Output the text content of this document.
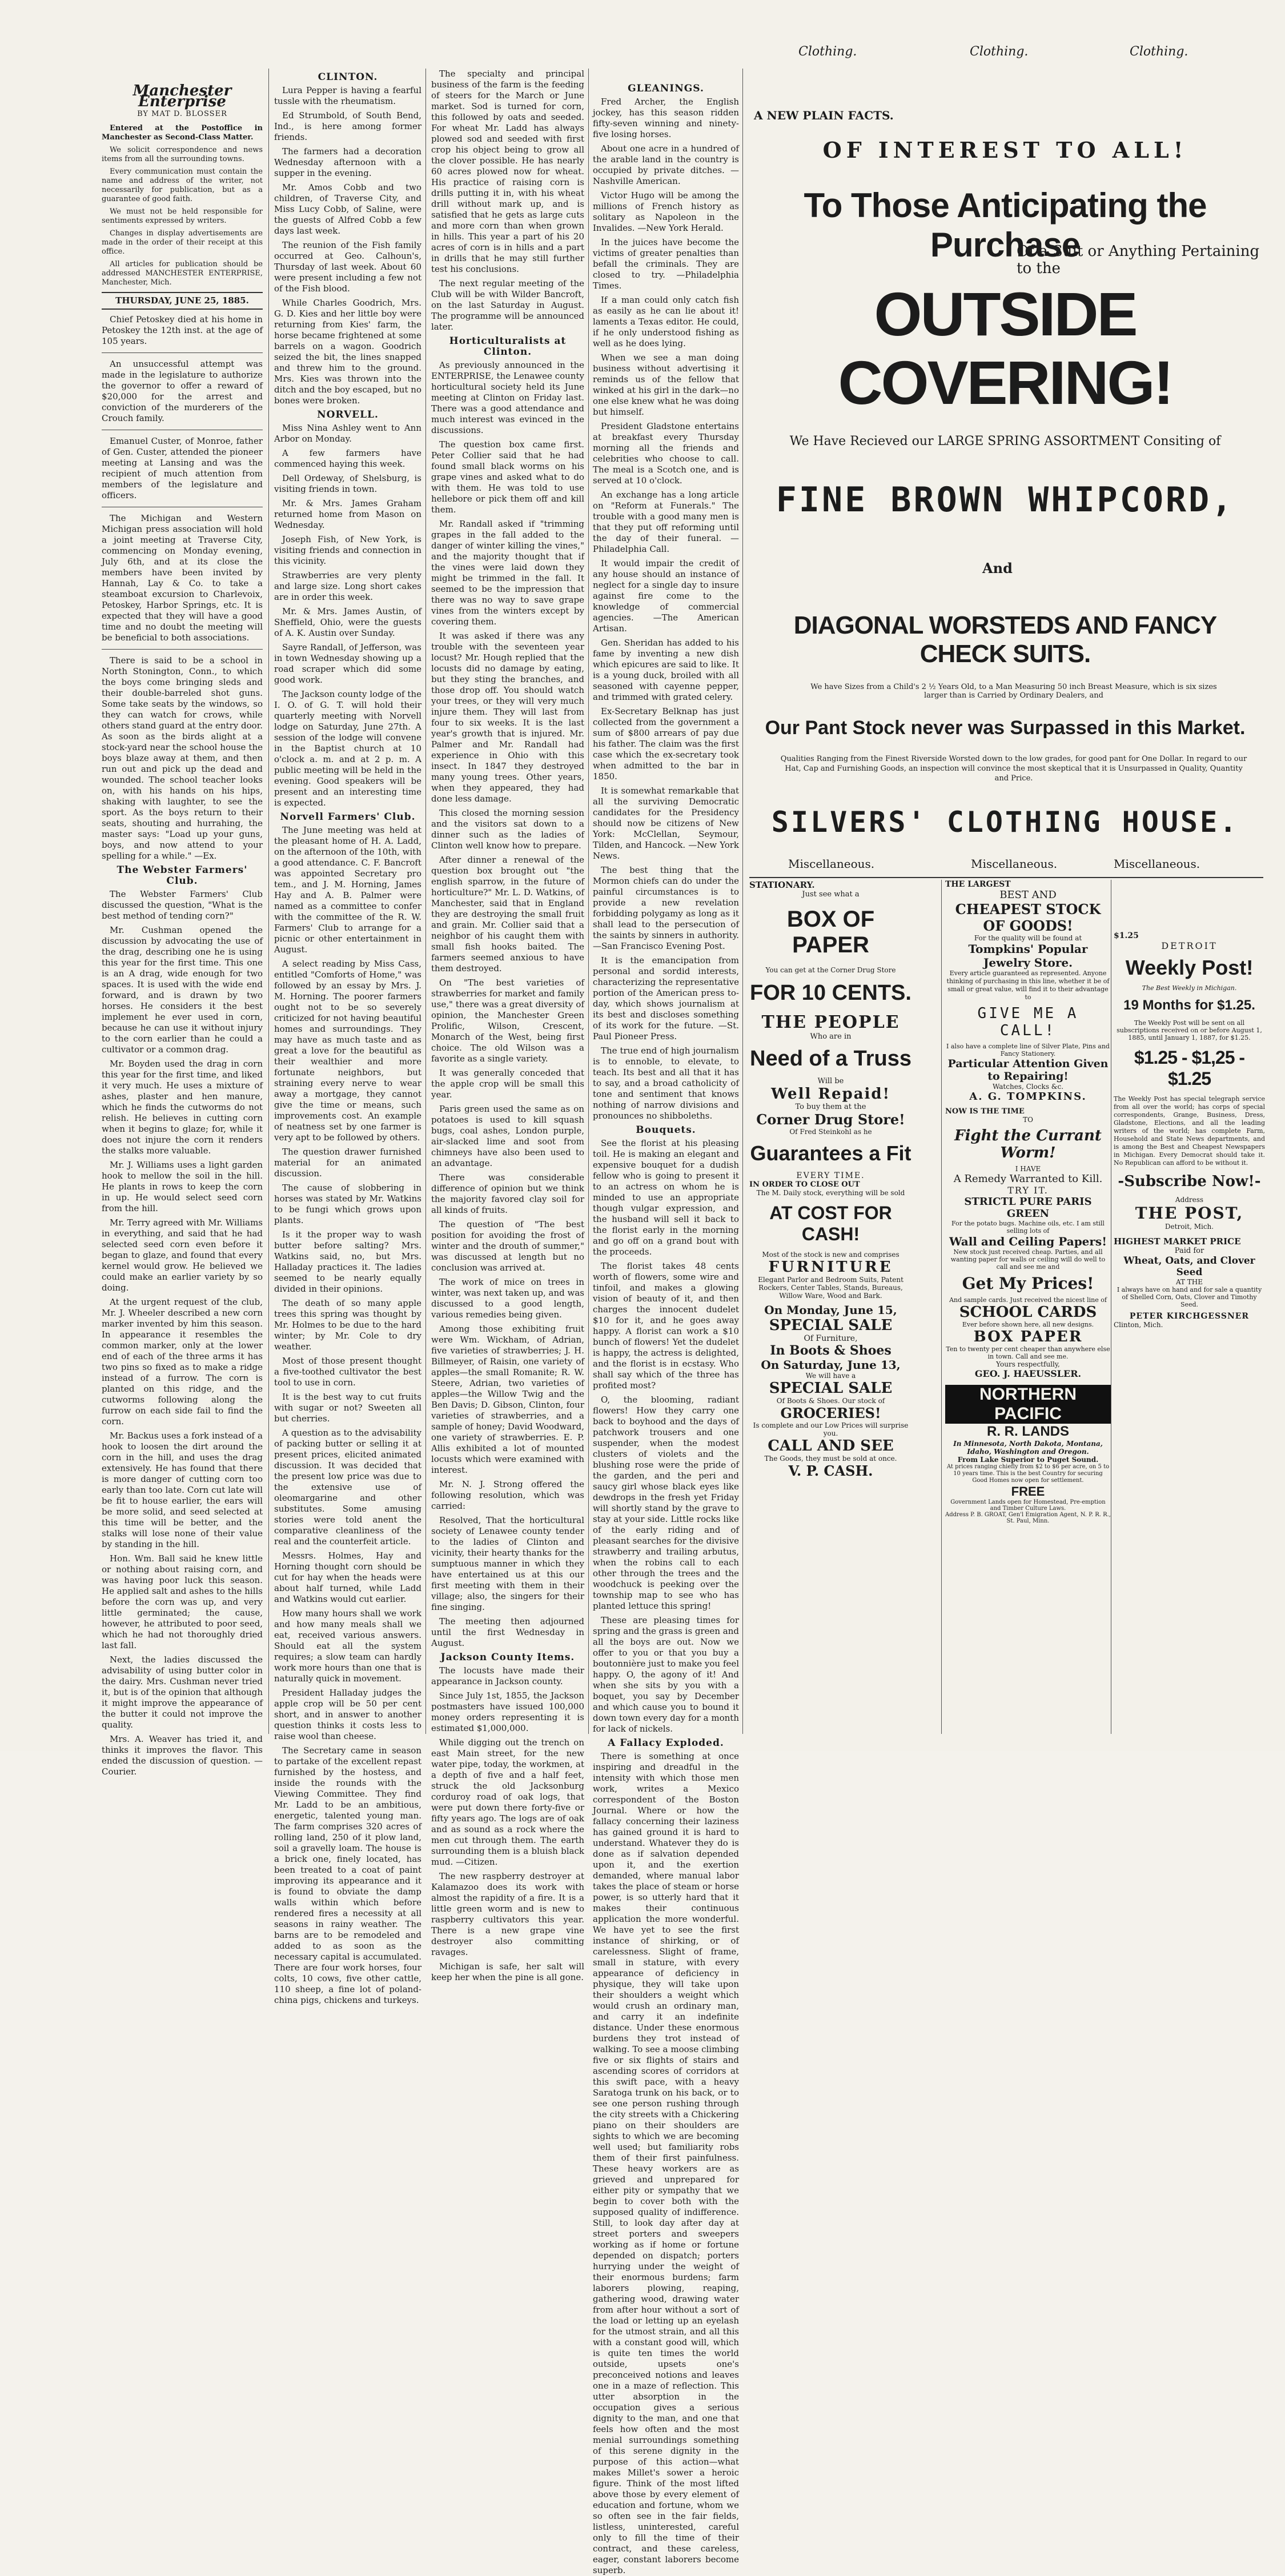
Clothing.	Clothing.	Clothing.
Manchester Enterprise
BY MAT D. BLOSSER

Entered at the Postoffice in Manchester as Second-Class Matter.

We solicit correspondence and news items from all the surrounding towns.

Every communication must contain the name and address of the writer, not necessarily for publication, but as a guarantee of good faith.

We must not be held responsible for sentiments expressed by writers.

Changes in display advertisements are made in the order of their receipt at this office.

All articles for publication should be addressed MANCHESTER ENTERPRISE, Manchester, Mich.

THURSDAY, JUNE 25, 1885.

Chief Petoskey died at his home in Petoskey the 12th inst. at the age of 105 years.

An unsuccessful attempt was made in the legislature to authorize the governor to offer a reward of $20,000 for the arrest and conviction of the murderers of the Crouch family.

Emanuel Custer, of Monroe, father of Gen. Custer, attended the pioneer meeting at Lansing and was the recipient of much attention from members of the legislature and officers.

The Michigan and Western Michigan press association will hold a joint meeting at Traverse City, commencing on Monday evening, July 6th, and at its close the members have been invited by Hannah, Lay & Co. to take a steamboat excursion to Charlevoix, Petoskey, Harbor Springs, etc. It is expected that they will have a good time and no doubt the meeting will be beneficial to both associations.

There is said to be a school in North Stonington, Conn., to which the boys come bringing sleds and their double-barreled shot guns. Some take seats by the windows, so they can watch for crows, while others stand guard at the entry door. As soon as the birds alight at a stock-yard near the school house the boys blaze away at them, and then run out and pick up the dead and wounded. The school teacher looks on, with his hands on his hips, shaking with laughter, to see the sport. As the boys return to their seats, shouting and hurrahing, the master says: "Load up your guns, boys, and now attend to your spelling for a while." —Ex.

The Webster Farmers' Club.

The Webster Farmers' Club discussed the question, "What is the best method of tending corn?"

Mr. Cushman opened the discussion by advocating the use of the drag, describing one he is using this year for the first time. This one is an A drag, wide enough for two spaces. It is used with the wide end forward, and is drawn by two horses. He considers it the best implement he ever used in corn, because he can use it without injury to the corn earlier than he could a cultivator or a common drag.

Mr. Boyden used the drag in corn this year for the first time, and liked it very much. He uses a mixture of ashes, plaster and hen manure, which he finds the cutworms do not relish. He believes in cutting corn when it begins to glaze; for, while it does not injure the corn it renders the stalks more valuable.

Mr. J. Williams uses a light garden hook to mellow the soil in the hill. He plants in rows to keep the corn in up. He would select seed corn from the hill.

Mr. Terry agreed with Mr. Williams in everything, and said that he had selected seed corn even before it began to glaze, and found that every kernel would grow. He believed we could make an earlier variety by so doing.

At the urgent request of the club, Mr. J. Wheeler described a new corn marker invented by him this season. In appearance it resembles the common marker, only at the lower end of each of the three arms it has two pins so fixed as to make a ridge instead of a furrow. The corn is planted on this ridge, and the cutworms following along the furrow on each side fail to find the corn.

Mr. Backus uses a fork instead of a hook to loosen the dirt around the corn in the hill, and uses the drag extensively. He has found that there is more danger of cutting corn too early than too late. Corn cut late will be fit to house earlier, the ears will be more solid, and seed selected at this time will be better, and the stalks will lose none of their value by standing in the hill.

Hon. Wm. Ball said he knew little or nothing about raising corn, and was having poor luck this season. He applied salt and ashes to the hills before the corn was up, and very little germinated; the cause, however, he attributed to poor seed, which he had not thoroughly dried last fall.

Next, the ladies discussed the advisability of using butter color in the dairy. Mrs. Cushman never tried it, but is of the opinion that although it might improve the appearance of the butter it could not improve the quality.

Mrs. A. Weaver has tried it, and thinks it improves the flavor. This ended the discussion of question. —Courier.

CLINTON.

Lura Pepper is having a fearful tussle with the rheumatism.

Ed Strumbold, of South Bend, Ind., is here among former friends.

The farmers had a decoration Wednesday afternoon with a supper in the evening.

Mr. Amos Cobb and two children, of Traverse City, and Miss Lucy Cobb, of Saline, were the guests of Alfred Cobb a few days last week.

The reunion of the Fish family occurred at Geo. Calhoun's, Thursday of last week. About 60 were present including a few not of the Fish blood.

While Charles Goodrich, Mrs. G. D. Kies and her little boy were returning from Kies' farm, the horse became frightened at some barrels on a wagon. Goodrich seized the bit, the lines snapped and threw him to the ground. Mrs. Kies was thrown into the ditch and the boy escaped, but no bones were broken.

NORVELL.

Miss Nina Ashley went to Ann Arbor on Monday.

A few farmers have commenced haying this week.

Dell Ordeway, of Shelsburg, is visiting friends in town.

Mr. & Mrs. James Graham returned home from Mason on Wednesday.

Joseph Fish, of New York, is visiting friends and connection in this vicinity.

Strawberries are very plenty and large size. Long short cakes are in order this week.

Mr. & Mrs. James Austin, of Sheffield, Ohio, were the guests of A. K. Austin over Sunday.

Sayre Randall, of Jefferson, was in town Wednesday showing up a road scraper which did some good work.

The Jackson county lodge of the I. O. of G. T. will hold their quarterly meeting with Norvell lodge on Saturday, June 27th. A session of the lodge will convene in the Baptist church at 10 o'clock a. m. and at 2 p. m. A public meeting will be held in the evening. Good speakers will be present and an interesting time is expected.

Norvell Farmers' Club.

The June meeting was held at the pleasant home of H. A. Ladd, on the afternoon of the 10th, with a good attendance. C. F. Bancroft was appointed Secretary pro tem., and J. M. Horning, James Hay and A. B. Palmer were named as a committee to confer with the committee of the R. W. Farmers' Club to arrange for a picnic or other entertainment in August.

A select reading by Miss Cass, entitled "Comforts of Home," was followed by an essay by Mrs. J. M. Horning. The poorer farmers ought not to be so severely criticized for not having beautiful homes and surroundings. They may have as much taste and as great a love for the beautiful as their wealthier and more fortunate neighbors, but straining every nerve to wear away a mortgage, they cannot give the time or means, such improvements cost. An example of neatness set by one farmer is very apt to be followed by others.

The question drawer furnished material for an animated discussion.

The cause of slobbering in horses was stated by Mr. Watkins to be fungi which grows upon plants.

Is it the proper way to wash butter before salting? Mrs. Watkins said, no, but Mrs. Halladay practices it. The ladies seemed to be nearly equally divided in their opinions.

The death of so many apple trees this spring was thought by Mr. Holmes to be due to the hard winter; by Mr. Cole to dry weather.

Most of those present thought a five-toothed cultivator the best tool to use in corn.

It is the best way to cut fruits with sugar or not? Sweeten all but cherries.

A question as to the advisability of packing butter or selling it at present prices, elicited animated discussion. It was decided that the present low price was due to the extensive use of oleomargarine and other substitutes. Some amusing stories were told anent the comparative cleanliness of the real and the counterfeit article.

Messrs. Holmes, Hay and Horning thought corn should be cut for hay when the heads were about half turned, while Ladd and Watkins would cut earlier.

How many hours shall we work and how many meals shall we eat, received various answers. Should eat all the system requires; a slow team can hardly work more hours than one that is naturally quick in movement.

President Halladay judges the apple crop will be 50 per cent short, and in answer to another question thinks it costs less to raise wool than cheese.

The Secretary came in season to partake of the excellent repast furnished by the hostess, and inside the rounds with the Viewing Committee. They find Mr. Ladd to be an ambitious, energetic, talented young man. The farm comprises 320 acres of rolling land, 250 of it plow land, soil a gravelly loam. The house is a brick one, finely located, has been treated to a coat of paint improving its appearance and it is found to obviate the damp walls within which before rendered fires a necessity at all seasons in rainy weather. The barns are to be remodeled and added to as soon as the necessary capital is accumulated. There are four work horses, four colts, 10 cows, five other cattle, 110 sheep, a fine lot of poland-china pigs, chickens and turkeys.

The specialty and principal business of the farm is the feeding of steers for the March or June market. Sod is turned for corn, this followed by oats and seeded. For wheat Mr. Ladd has always plowed sod and seeded with first crop his object being to grow all the clover possible. He has nearly 60 acres plowed now for wheat. His practice of raising corn is drills putting it in, with his wheat drill without mark up, and is satisfied that he gets as large cuts and more corn than when grown in hills. This year a part of his 20 acres of corn is in hills and a part in drills that he may still further test his conclusions.

The next regular meeting of the Club will be with Wilder Bancroft, on the last Saturday in August. The programme will be announced later.

Horticulturalists at Clinton.

As previously announced in the ENTERPRISE, the Lenawee county horticultural society held its June meeting at Clinton on Friday last. There was a good attendance and much interest was evinced in the discussions.

The question box came first. Peter Collier said that he had found small black worms on his grape vines and asked what to do with them. He was told to use hellebore or pick them off and kill them.

Mr. Randall asked if "trimming grapes in the fall added to the danger of winter killing the vines," and the majority thought that if the vines were laid down they might be trimmed in the fall. It seemed to be the impression that there was no way to save grape vines from the winters except by covering them.

It was asked if there was any trouble with the seventeen year locust? Mr. Hough replied that the locusts did no damage by eating, but they sting the branches, and those drop off. You should watch your trees, or they will very much injure them. They will last from four to six weeks. It is the last year's growth that is injured. Mr. Palmer and Mr. Randall had experience in Ohio with this insect. In 1847 they destroyed many young trees. Other years, when they appeared, they had done less damage.

This closed the morning session and the visitors sat down to a dinner such as the ladies of Clinton well know how to prepare.

After dinner a renewal of the question box brought out "the english sparrow, in the future of horticulture?" Mr. L. D. Watkins, of Manchester, said that in England they are destroying the small fruit and grain. Mr. Collier said that a neighbor of his caught them with small fish hooks baited. The farmers seemed anxious to have them destroyed.

On "The best varieties of strawberries for market and family use," there was a great diversity of opinion, the Manchester Green Prolific, Wilson, Crescent, Monarch of the West, being first choice. The old Wilson was a favorite as a single variety.

It was generally conceded that the apple crop will be small this year.

Paris green used the same as on potatoes is used to kill squash bugs, coal ashes, London purple, air-slacked lime and soot from chimneys have also been used to an advantage.

There was considerable difference of opinion but we think the majority favored clay soil for all kinds of fruits.

The question of "The best position for avoiding the frost of winter and the drouth of summer," was discussed at length but no conclusion was arrived at.

The work of mice on trees in winter, was next taken up, and was discussed to a good length, various remedies being given.

Among those exhibiting fruit were Wm. Wickham, of Adrian, five varieties of strawberries; J. H. Billmeyer, of Raisin, one variety of apples—the small Romanite; R. W. Steere, Adrian, two varieties of apples—the Willow Twig and the Ben Davis; D. Gibson, Clinton, four varieties of strawberries, and a sample of honey; David Woodward, one variety of strawberries. E. P. Allis exhibited a lot of mounted locusts which were examined with interest.

Mr. N. J. Strong offered the following resolution, which was carried:

Resolved, That the horticultural society of Lenawee county tender to the ladies of Clinton and vicinity, their hearty thanks for the sumptuous manner in which they have entertained us at this our first meeting with them in their village; also, the singers for their fine singing.

The meeting then adjourned until the first Wednesday in August.

Jackson County Items.

The locusts have made their appearance in Jackson county.

Since July 1st, 1855, the Jackson postmasters have issued 100,000 money orders representing it is estimated $1,000,000.

While digging out the trench on east Main street, for the new water pipe, today, the workmen, at a depth of five and a half feet, struck the old Jacksonburg corduroy road of oak logs, that were put down there forty-five or fifty years ago. The logs are of oak and as sound as a rock where the men cut through them. The earth surrounding them is a bluish black mud. —Citizen.

The new raspberry destroyer at Kalamazoo does its work with almost the rapidity of a fire. It is a little green worm and is new to raspberry cultivators this year. There is a new grape vine destroyer also committing ravages.

Michigan is safe, her salt will keep her when the pine is all gone.

GLEANINGS.

Fred Archer, the English jockey, has this season ridden fifty-seven winning and ninety-five losing horses.

About one acre in a hundred of the arable land in the country is occupied by private ditches. —Nashville American.

Victor Hugo will be among the millions of French history as solitary as Napoleon in the Invalides. —New York Herald.

In the juices have become the victims of greater penalties than befall the criminals. They are closed to try. —Philadelphia Times.

If a man could only catch fish as easily as he can lie about it! laments a Texas editor. He could, if he only understood fishing as well as he does lying.

When we see a man doing business without advertising it reminds us of the fellow that winked at his girl in the dark—no one else knew what he was doing but himself.

President Gladstone entertains at breakfast every Thursday morning all the friends and celebrities who choose to call. The meal is a Scotch one, and is served at 10 o'clock.

An exchange has a long article on "Reform at Funerals." The trouble with a good many men is that they put off reforming until the day of their funeral. —Philadelphia Call.

It would impair the credit of any house should an instance of neglect for a single day to insure against fire come to the knowledge of commercial agencies. —The American Artisan.

Gen. Sheridan has added to his fame by inventing a new dish which epicures are said to like. It is a young duck, broiled with all seasoned with cayenne pepper, and trimmed with grated celery.

Ex-Secretary Belknap has just collected from the government a sum of $800 arrears of pay due his father. The claim was the first case which the ex-secretary took when admitted to the bar in 1850.

It is somewhat remarkable that all the surviving Democratic candidates for the Presidency should now be citizens of New York: McClellan, Seymour, Tilden, and Hancock. —New York News.

The best thing that the Mormon chiefs can do under the painful circumstances is to provide a new revelation forbidding polygamy as long as it shall lead to the persecution of the saints by sinners in authority. —San Francisco Evening Post.

It is the emancipation from personal and sordid interests, characterizing the representative portion of the American press to-day, which shows journalism at its best and discloses something of its work for the future. —St. Paul Pioneer Press.

The true end of high journalism is to ennoble, to elevate, to teach. Its best and all that it has to say, and a broad catholicity of tone and sentiment that knows nothing of narrow divisions and pronounces no shibboleths.

Bouquets.

See the florist at his pleasing toil. He is making an elegant and expensive bouquet for a dudish fellow who is going to present it to an actress on whom he is minded to use an appropriate though vulgar expression, and the husband will sell it back to the florist early in the morning and go off on a grand bout with the proceeds.

The florist takes 48 cents worth of flowers, some wire and tinfoil, and makes a glowing vision of beauty of it, and then charges the innocent dudelet $10 for it, and he goes away happy. A florist can work a $10 bunch of flowers! Yet the dudelet is happy, the actress is delighted, and the florist is in ecstasy. Who shall say which of the three has profited most?

O, the blooming, radiant flowers! How they carry one back to boyhood and the days of patchwork trousers and one suspender, when the modest clusters of violets and the blushing rose were the pride of the garden, and the peri and saucy girl whose black eyes like dewdrops in the fresh yet Friday will shortly stand by the grave to stay at your side. Little rocks like of the early riding and of pleasant searches for the divisive strawberry and trailing arbutus, when the robins call to each other through the trees and the woodchuck is peeking over the township map to see who has planted lettuce this spring!

These are pleasing times for spring and the grass is green and all the boys are out. Now we offer to you or that you buy a boutonnière just to make you feel happy. O, the agony of it! And when she sits by you with a boquet, you say by December and which cause you to bound it down town every day for a month for lack of nickels.

A Fallacy Exploded.

There is something at once inspiring and dreadful in the intensity with which those men work, writes a Mexico correspondent of the Boston Journal. Where or how the fallacy concerning their laziness has gained ground it is hard to understand. Whatever they do is done as if salvation depended upon it, and the exertion demanded, where manual labor takes the place of steam or horse power, is so utterly hard that it makes their continuous application the more wonderful. We have yet to see the first instance of shirking, or of carelessness. Slight of frame, small in stature, with every appearance of deficiency in physique, they will take upon their shoulders a weight which would crush an ordinary man, and carry it an indefinite distance. Under these enormous burdens they trot instead of walking. To see a moose climbing five or six flights of stairs and ascending scores of corridors at this swift pace, with a heavy Saratoga trunk on his back, or to see one person rushing through the city streets with a Chickering piano on their shoulders are sights to which we are becoming well used; but familiarity robs them of their first painfulness. These heavy workers are as grieved and unprepared for either pity or sympathy that we begin to cover both with the supposed quality of indifference. Still, to look day after day at street porters and sweepers working as if home or fortune depended on dispatch; porters hurrying under the weight of their enormous burdens; farm laborers plowing, reaping, gathering wood, drawing water from after hour without a sort of the load or letting up an eyelash for the utmost strain, and all this with a constant good will, which is quite ten times the world outside, upsets one's preconceived notions and leaves one in a maze of reflection. This utter absorption in the occupation gives a serious dignity to the man, and one that feels how often and the most menial surroundings something of this serene dignity in the purpose of this action—what makes Millet's sower a heroic figure. Think of the most lifted above those by every element of education and fortune, whom we so often see in the fair fields, listless, uninterested, careful only to fill the time of their contract, and these careless, eager, constant laborers become superb.

A NEW PLAIN FACTS.
OF INTEREST TO ALL!
To Those Anticipating the Purchase
Of a Suit or Anything Pertaining to the
OUTSIDE COVERING!
We Have Recieved our LARGE SPRING ASSORTMENT Consiting of
FINE BROWN WHIPCORD,
And
DIAGONAL WORSTEDS AND FANCY CHECK SUITS.
We have Sizes from a Child's 2 ½ Years Old, to a Man Measuring 50 inch Breast Measure, which is six sizes larger than is Carried by Ordinary Dealers, and
Our Pant Stock never was Surpassed in this Market.
Qualities Ranging from the Finest Riverside Worsted down to the low grades, for good pant for One Dollar. In regard to our Hat, Cap and Furnishing Goods, an inspection will convince the most skeptical that it is Unsurpassed in Quality, Quantity and Price.
SILVERS' CLOTHING HOUSE.
Miscellaneous.	Miscellaneous.	Miscellaneous.
STATIONARY.
Just see what a
BOX OF PAPER
You can get at the Corner Drug Store
FOR 10 CENTS.
THE PEOPLE
Who are in
Need of a Truss
Will be
Well Repaid!
To buy them at the
Corner Drug Store!
Of Fred Steinkohl as he
Guarantees a Fit
EVERY TIME.
IN ORDER TO CLOSE OUT
The M. Daily stock, everything will be sold
AT COST FOR CASH!
Most of the stock is new and comprises
FURNITURE
Elegant Parlor and Bedroom Suits, Patent Rockers, Center Tables, Stands, Bureaus, Willow Ware, Wood and Bark.
On Monday, June 15,
SPECIAL SALE
Of Furniture,
In Boots & Shoes
On Saturday, June 13,
We will have a
SPECIAL SALE
Of Boots & Shoes. Our stock of
GROCERIES!
Is complete and our Low Prices will surprise you.
CALL AND SEE
The Goods, they must be sold at once.
V. P. CASH.
THE LARGEST
BEST AND
CHEAPEST STOCK OF GOODS!
For the quality will be found at
Tompkins' Popular Jewelry Store.
Every article guaranteed as represented. Anyone thinking of purchasing in this line, whether it be of small or great value, will find it to their advantage to
GIVE ME A CALL!
I also have a complete line of Silver Plate, Pins and Fancy Stationery.
Particular Attention Given to Repairing!
Watches, Clocks &c.
A. G. TOMPKINS.
NOW IS THE TIME
TO
Fight the Currant Worm!
I HAVE
A Remedy Warranted to Kill.
TRY IT.
STRICTL PURE PARIS GREEN
For the potato bugs. Machine oils, etc. I am still selling lots of
Wall and Ceiling Papers!
New stock just received cheap. Parties, and all wanting paper for walls or ceiling will do well to call and see me and
Get My Prices!
And sample cards. Just received the nicest line of
SCHOOL CARDS
Ever before shown here, all new designs.
BOX PAPER
Ten to twenty per cent cheaper than anywhere else in town. Call and see me.
Yours respectfully,
GEO. J. HAEUSSLER.
NORTHERN PACIFIC
R. R. LANDS
In Minnesota, North Dakota, Montana, Idaho, Washington and Oregon.
From Lake Superior to Puget Sound.
At prices ranging chiefly from $2 to $6 per acre, on 5 to 10 years time. This is the best Country for securing Good Homes now open for settlement.
FREE
Government Lands open for Homestead, Pre-emption and Timber Culture Laws.
Address P. B. GROAT, Gen'l Emigration Agent, N. P. R. R., St. Paul, Minn.
$1.25
DETROIT
Weekly Post!
The Best Weekly in Michigan.
19 Months for $1.25.
The Weekly Post will be sent on all subscriptions received on or before August 1, 1885, until January 1, 1887, for $1.25.
$1.25 - $1,25 - $1.25
The Weekly Post has special telegraph service from all over the world; has corps of special correspondents, Grange, Business, Dress, Gladstone, Elections, and all the leading writers of the world; has complete Farm, Household and State News departments, and is among the Best and Cheapest Newspapers in Michigan. Every Democrat should take it. No Republican can afford to be without it.
-Subscribe Now!-
Address
THE POST,
Detroit, Mich.
HIGHEST MARKET PRICE
Paid for
Wheat, Oats, and Clover Seed
AT THE
I always have on hand and for sale a quantity of Shelled Corn, Oats, Clover and Timothy Seed.
PETER KIRCHGESSNER
Clinton, Mich.
